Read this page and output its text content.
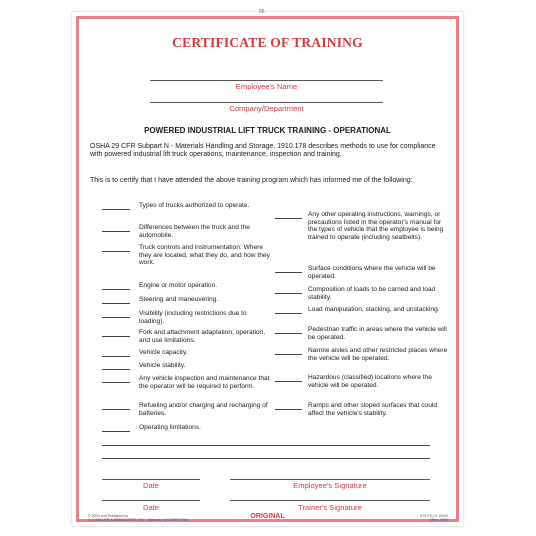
56
CERTIFICATE OF TRAINING
Employee's Name
Company/Department
POWERED INDUSTRIAL LIFT TRUCK TRAINING - OPERATIONAL
OSHA 29 CFR Subpart N - Materials Handling and Storage, 1910.178 describes methods to use for compliance with powered industrial lift truck operations, maintenance, inspection and training.
This is to certify that I have attended the above training program which has informed me of the following:
Types of trucks authorized to operate.
Differences between the truck and the automobile.
Truck controls and instrumentation: Where they are located, what they do, and how they work.
Engine or motor operation.
Steering and maneuvering.
Visibility (including restrictions due to loading).
Fork and attachment adaptation, operation, and use limitations.
Vehicle capacity.
Vehicle stability.
Any vehicle inspection and maintenance that the operator will be required to perform.
Refueling and/or charging and recharging of batteries.
Operating limitations.
Any other operating instructions, warnings, or precautions listed in the operator's manual for the types of vehicle that the employee is being trained to operate (including seatbelts).
Surface conditions where the vehicle will be operated.
Composition of loads to be carried and load stability.
Load manipulation, stacking, and unstacking.
Pedestrian traffic in areas where the vehicle will be operated.
Narrow aisles and other restricted places where the vehicle will be operated.
Hazardous (classified) locations where the vehicle will be operated.
Ramps and other sloped surfaces that could affect the vehicle's stability.
Date	Employee's Signature
Date	Trainer's Signature
© 2000 and Published by
J. J. KELLER & ASSOCIATES, INC. • Neenah, WI 54957-0368
ORIGINAL	679-FS-C1 (0044
(Rev. 4/00)
